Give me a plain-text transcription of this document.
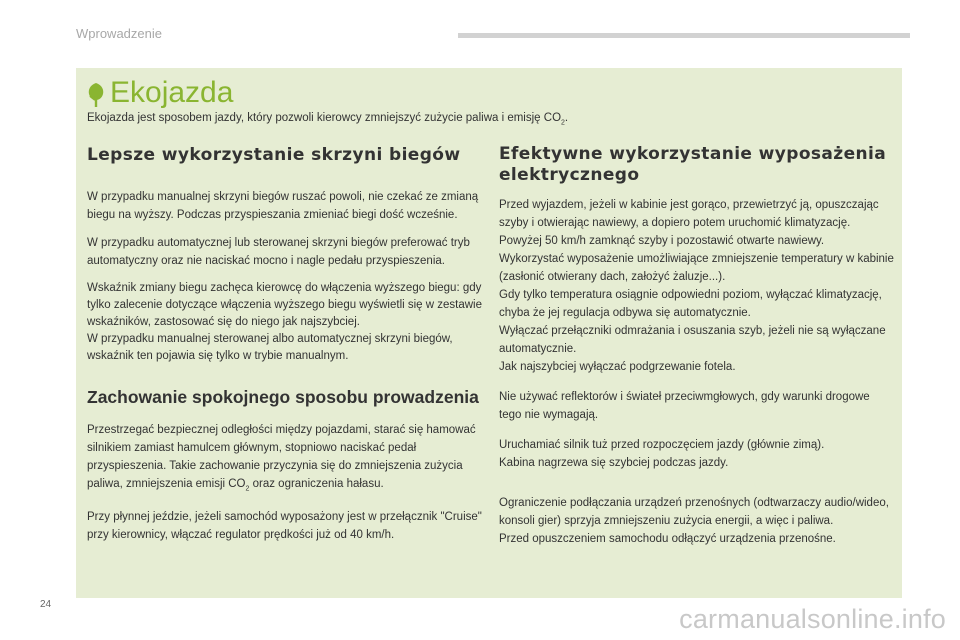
Wprowadzenie
Ekojazda
Ekojazda jest sposobem jazdy, który pozwoli kierowcy zmniejszyć zużycie paliwa i emisję $CO_2$.
Lepsze wykorzystanie skrzyni biegów

W przypadku manualnej skrzyni biegów ruszać powoli, nie czekać ze zmianą biegu na wyższy. Podczas przyspieszania zmieniać biegi dość wcześnie.

W przypadku automatycznej lub sterowanej skrzyni biegów preferować tryb automatyczny oraz nie naciskać mocno i nagle pedału przyspieszenia.

Wskaźnik zmiany biegu zachęca kierowcę do włączenia wyższego biegu: gdy tylko zalecenie dotyczące włączenia wyższego biegu wyświetli się w zestawie wskaźników, zastosować się do niego jak najszybciej.

W przypadku manualnej sterowanej albo automatycznej skrzyni biegów, wskaźnik ten pojawia się tylko w trybie manualnym.

Zachowanie spokojnego sposobu prowadzenia

Przestrzegać bezpiecznej odległości między pojazdami, starać się hamować silnikiem zamiast hamulcem głównym, stopniowo naciskać pedał przyspieszenia. Takie zachowanie przyczynia się do zmniejszenia zużycia paliwa, zmniejszenia emisji $CO_2$ oraz ograniczenia hałasu.

Przy płynnej jeździe, jeżeli samochód wyposażony jest w przełącznik "Cruise" przy kierownicy, włączać regulator prędkości już od 40 km/h.

Efektywne wykorzystanie wyposażenia elektrycznego

Przed wyjazdem, jeżeli w kabinie jest gorąco, przewietrzyć ją, opuszczając szyby i otwierając nawiewy, a dopiero potem uruchomić klimatyzację.

Powyżej 50 km/h zamknąć szyby i pozostawić otwarte nawiewy.

Wykorzystać wyposażenie umożliwiające zmniejszenie temperatury w kabinie (zasłonić otwierany dach, założyć żaluzje...).

Gdy tylko temperatura osiągnie odpowiedni poziom, wyłączać klimatyzację, chyba że jej regulacja odbywa się automatycznie.

Wyłączać przełączniki odmrażania i osuszania szyb, jeżeli nie są wyłączane automatycznie.

Jak najszybciej wyłączać podgrzewanie fotela.

Nie używać reflektorów i świateł przeciwmgłowych, gdy warunki drogowe tego nie wymagają.

Uruchamiać silnik tuż przed rozpoczęciem jazdy (głównie zimą).

Kabina nagrzewa się szybciej podczas jazdy.

Ograniczenie podłączania urządzeń przenośnych (odtwarzaczy audio/wideo, konsoli gier) sprzyja zmniejszeniu zużycia energii, a więc i paliwa.

Przed opuszczeniem samochodu odłączyć urządzenia przenośne.

24	carmanualsonline.info
